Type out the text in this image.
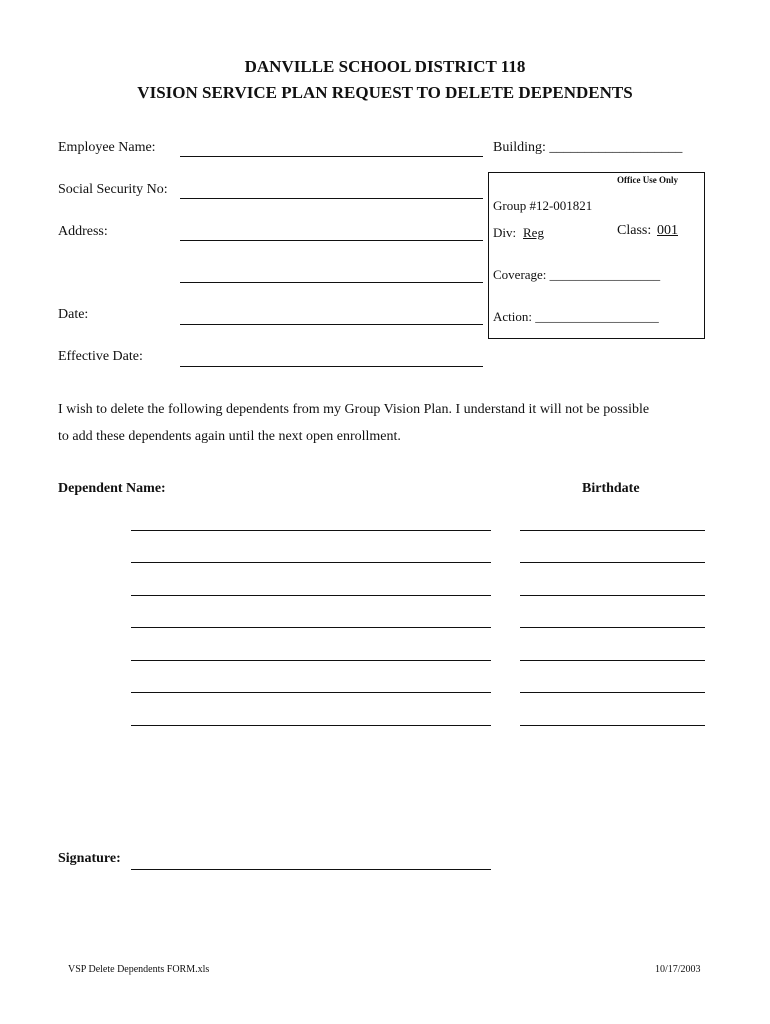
DANVILLE SCHOOL DISTRICT 118
VISION SERVICE PLAN REQUEST TO DELETE DEPENDENTS
Employee Name:	Building: ___________________
Social Security No:
Address:
Date:
Effective Date:
Office Use Only
Group #12-001821
Div: Reg	Class: 001
Coverage: _________________
Action: ___________________
I wish to delete the following dependents from my Group Vision Plan. I understand it will not be possible
to add these dependents again until the next open enrollment.
Dependent Name:	Birthdate
Signature:
VSP Delete Dependents FORM.xls	10/17/2003
